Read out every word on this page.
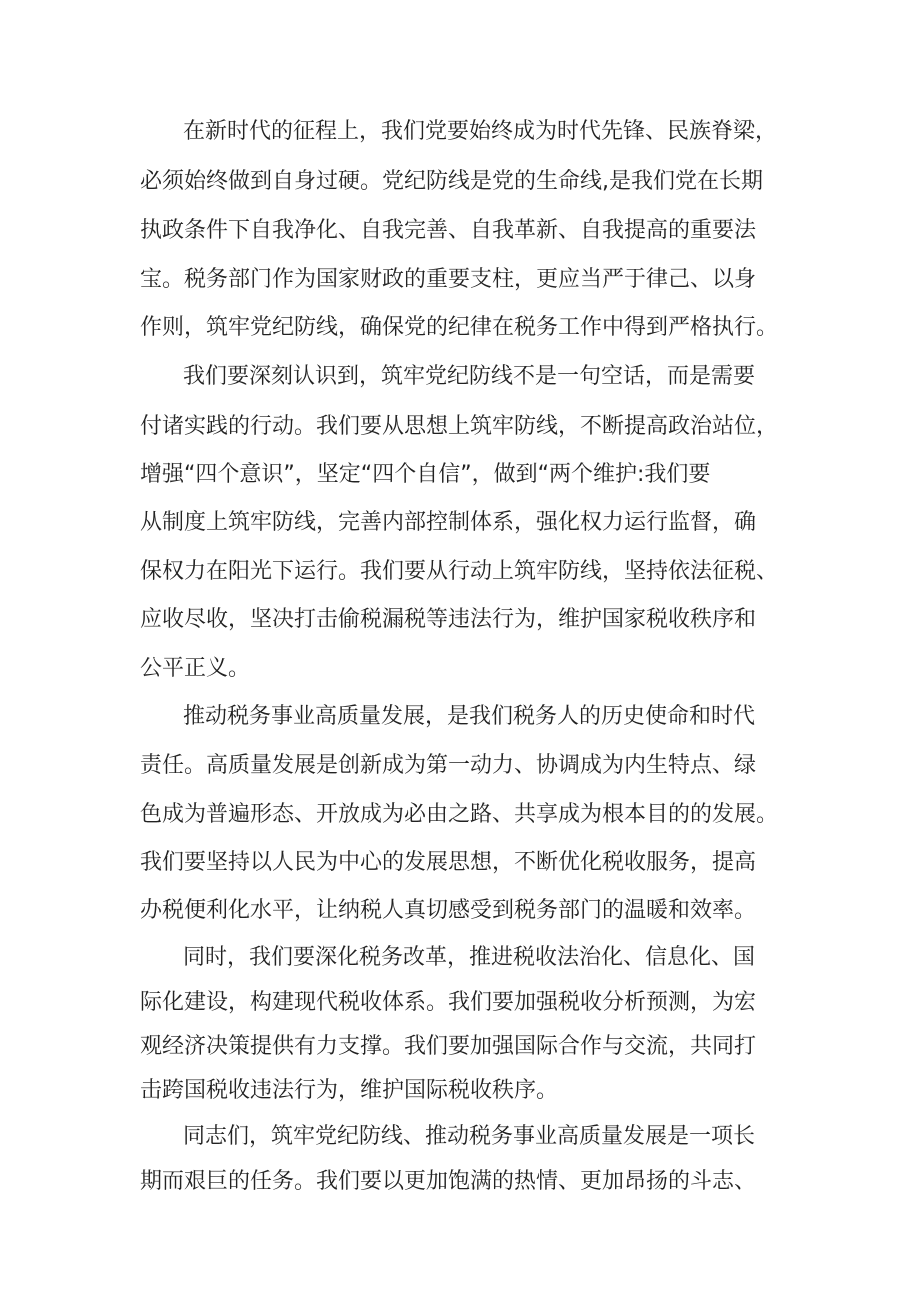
在新时代的征程上，我们党要始终成为时代先锋、民族脊梁，
必须始终做到自身过硬。党纪防线是党的生命线,是我们党在长期
执政条件下自我净化、自我完善、自我革新、自我提高的重要法
宝。税务部门作为国家财政的重要支柱，更应当严于律己、以身
作则，筑牢党纪防线，确保党的纪律在税务工作中得到严格执行。
我们要深刻认识到，筑牢党纪防线不是一句空话，而是需要
付诸实践的行动。我们要从思想上筑牢防线，不断提高政治站位，
增强“四个意识”，坚定“四个自信”，做到“两个维护:我们要
从制度上筑牢防线，完善内部控制体系，强化权力运行监督，确
保权力在阳光下运行。我们要从行动上筑牢防线，坚持依法征税、
应收尽收，坚决打击偷税漏税等违法行为，维护国家税收秩序和
公平正义。
推动税务事业高质量发展，是我们税务人的历史使命和时代
责任。高质量发展是创新成为第一动力、协调成为内生特点、绿
色成为普遍形态、开放成为必由之路、共享成为根本目的的发展。
我们要坚持以人民为中心的发展思想，不断优化税收服务，提高
办税便利化水平，让纳税人真切感受到税务部门的温暖和效率。
同时，我们要深化税务改革，推进税收法治化、信息化、国
际化建设，构建现代税收体系。我们要加强税收分析预测，为宏
观经济决策提供有力支撑。我们要加强国际合作与交流，共同打
击跨国税收违法行为，维护国际税收秩序。
同志们，筑牢党纪防线、推动税务事业高质量发展是一项长
期而艰巨的任务。我们要以更加饱满的热情、更加昂扬的斗志、
